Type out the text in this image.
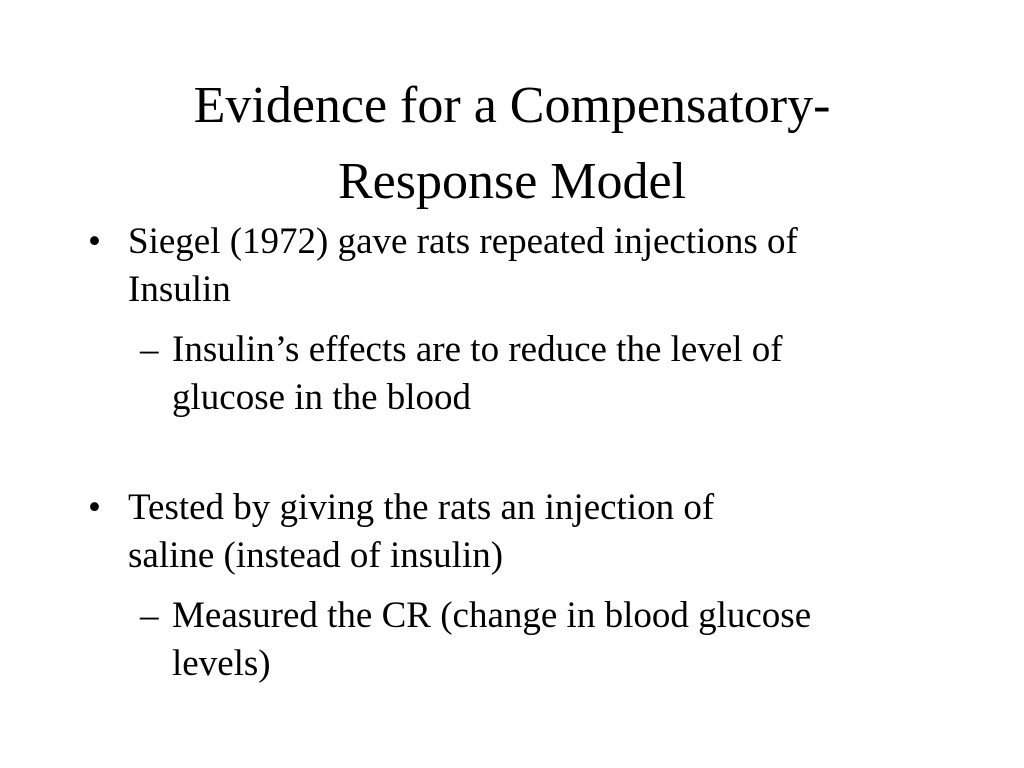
Evidence for a Compensatory-
Response Model
• Siegel (1972) gave rats repeated injections of
Insulin
– Insulin’s effects are to reduce the level of
glucose in the blood
• Tested by giving the rats an injection of
saline (instead of insulin)
– Measured the CR (change in blood glucose
levels)
